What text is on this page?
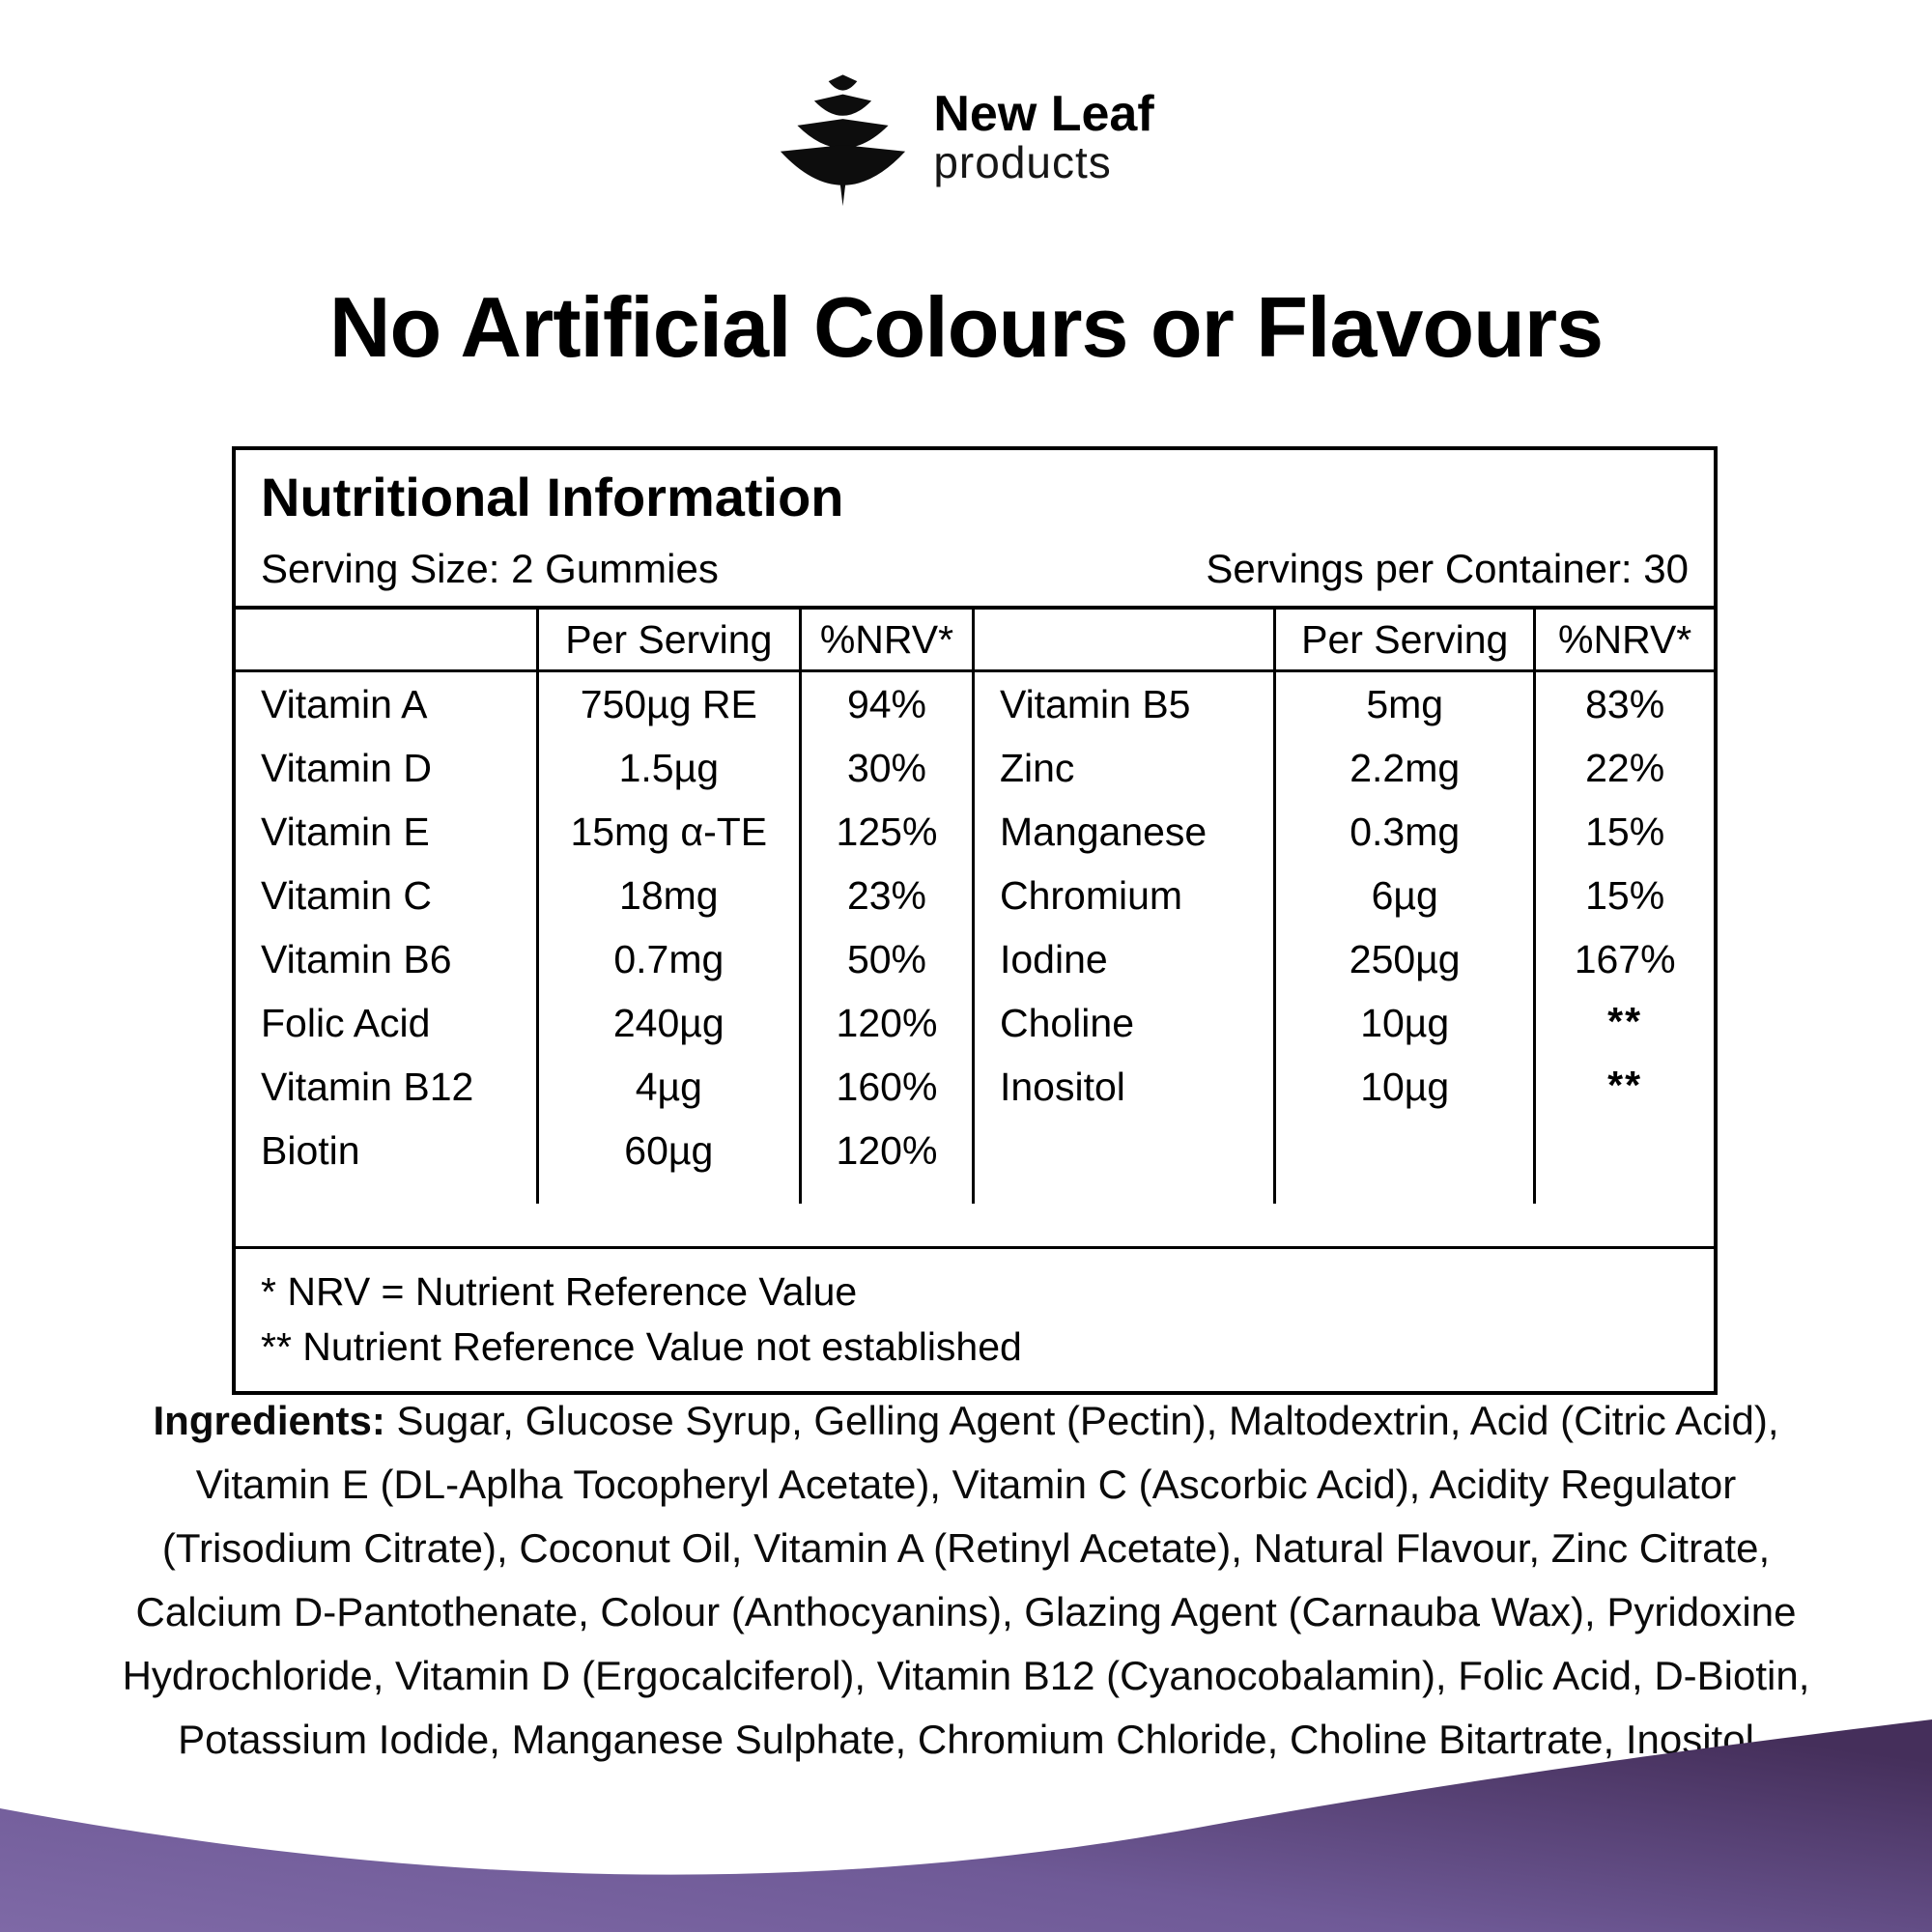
New Leaf
products
No Artificial Colours or Flavours
Nutritional Information
Serving Size: 2 Gummies	Servings per Container: 30
Per Serving	%NRV*	Per Serving	%NRV*
Vitamin A	750µg RE	94%	Vitamin B5	5mg	83%
Vitamin D	1.5µg	30%	Zinc	2.2mg	22%
Vitamin E	15mg α-TE	125%	Manganese	0.3mg	15%
Vitamin C	18mg	23%	Chromium	6µg	15%
Vitamin B6	0.7mg	50%	Iodine	250µg	167%
Folic Acid	240µg	120%	Choline	10µg	**
Vitamin B12	4µg	160%	Inositol	10µg	**
Biotin	60µg	120%
* NRV = Nutrient Reference Value
** Nutrient Reference Value not established

Ingredients: Sugar, Glucose Syrup, Gelling Agent (Pectin), Maltodextrin, Acid (Citric Acid), Vitamin E (DL-Aplha Tocopheryl Acetate), Vitamin C (Ascorbic Acid), Acidity Regulator (Trisodium Citrate), Coconut Oil, Vitamin A (Retinyl Acetate), Natural Flavour, Zinc Citrate, Calcium D-Pantothenate, Colour (Anthocyanins), Glazing Agent (Carnauba Wax), Pyridoxine Hydrochloride, Vitamin D (Ergocalciferol), Vitamin B12 (Cyanocobalamin), Folic Acid, D-Biotin, Potassium Iodide, Manganese Sulphate, Chromium Chloride, Choline Bitartrate, Inositol
